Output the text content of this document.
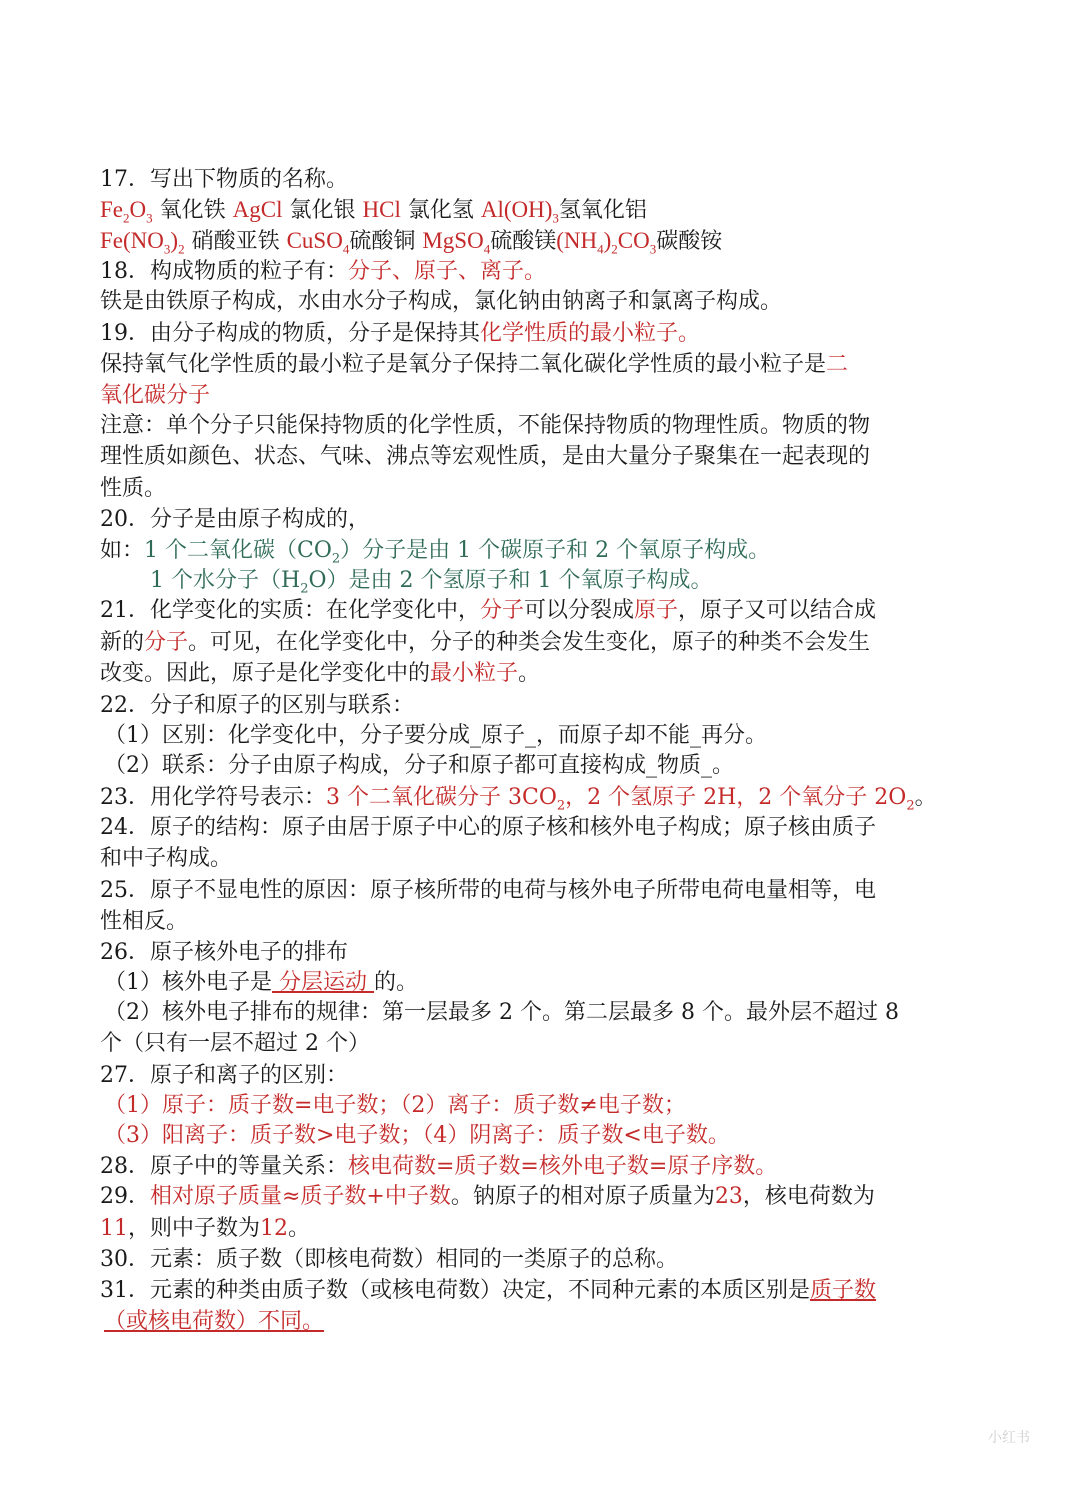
17．写出下物质的名称。
$Fe_2O_3$ 氧化铁 AgCl 氯化银 HCl 氯化氢 $Al(OH)_3$氢氧化铝
$Fe(NO_3)_2$ 硝酸亚铁 CuSO$_4$硫酸铜 MgSO$_4$硫酸镁$(NH_4)_2CO_3$碳酸铵
18．构成物质的粒子有：分子、原子、离子。
铁是由铁原子构成，水由水分子构成，氯化钠由钠离子和氯离子构成。
19．由分子构成的物质，分子是保持其化学性质的最小粒子。
保持氧气化学性质的最小粒子是氧分子保持二氧化碳化学性质的最小粒子是二
氧化碳分子
注意：单个分子只能保持物质的化学性质，不能保持物质的物理性质。物质的物
理性质如颜色、状态、气味、沸点等宏观性质，是由大量分子聚集在一起表现的
性质。
20．分子是由原子构成的，
如：1 个二氧化碳$(CO_2)$分子是由 1 个碳原子和 2 个氧原子构成。
1 个水分子$(H_2O)$是由 2 个氢原子和 1 个氧原子构成。
21．化学变化的实质：在化学变化中，分子可以分裂成原子，原子又可以结合成
新的分子。可见，在化学变化中，分子的种类会发生变化，原子的种类不会发生
改变。因此，原子是化学变化中的最小粒子。
22．分子和原子的区别与联系：
（1）区别：化学变化中，分子要分成_原子_，而原子却不能_再分。
（2）联系：分子由原子构成，分子和原子都可直接构成_物质_。
23．用化学符号表示：3 个二氧化碳分子 $3CO_2$，2 个氢原子 2H，2 个氧分子 $2O_2$。
24．原子的结构：原子由居于原子中心的原子核和核外电子构成；原子核由质子
和中子构成。
25．原子不显电性的原因：原子核所带的电荷与核外电子所带电荷电量相等，电
性相反。
26．原子核外电子的排布
（1）核外电子是 分层运动 的。
（2）核外电子排布的规律：第一层最多 2 个。第二层最多 8 个。最外层不超过 8
个（只有一层不超过 2 个）
27．原子和离子的区别：
（1）原子：质子数=电子数；（2）离子：质子数≠电子数；
（3）阳离子：质子数>电子数；（4）阴离子：质子数<电子数。
28．原子中的等量关系：核电荷数=质子数=核外电子数=原子序数。
29．相对原子质量≈质子数+中子数。钠原子的相对原子质量为23，核电荷数为
11，则中子数为12。
30．元素：质子数（即核电荷数）相同的一类原子的总称。
31．元素的种类由质子数（或核电荷数）决定，不同种元素的本质区别是质子数
（或核电荷数）不同。
小红书
